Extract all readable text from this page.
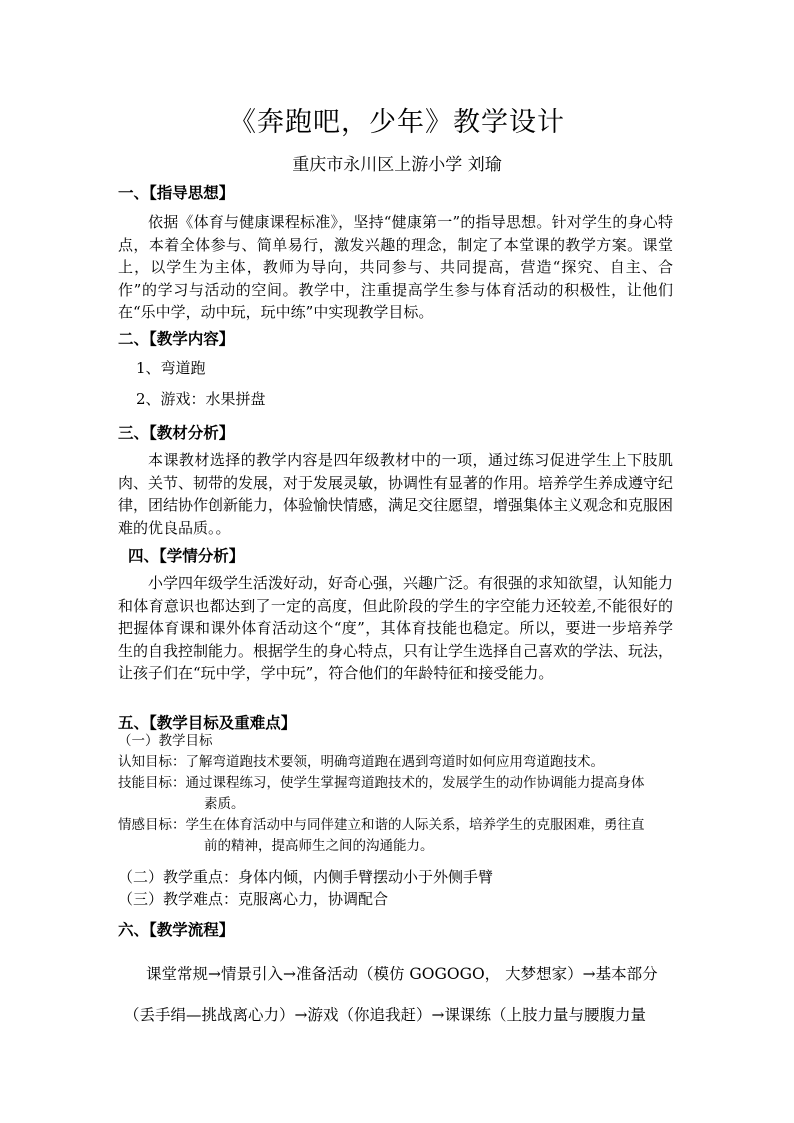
《奔跑吧，少年》教学设计
重庆市永川区上游小学 刘瑜
一、【指导思想】
依据《体育与健康课程标准》，坚持“健康第一”的指导思想。针对学生的身心特点，本着全体参与、简单易行，激发兴趣的理念，制定了本堂课的教学方案。课堂上，以学生为主体，教师为导向，共同参与、共同提高，营造“探究、自主、合作”的学习与活动的空间。教学中，注重提高学生参与体育活动的积极性，让他们在“乐中学，动中玩，玩中练”中实现教学目标。
二、【教学内容】
1、弯道跑
2、游戏：水果拼盘
三、【教材分析】
本课教材选择的教学内容是四年级教材中的一项，通过练习促进学生上下肢肌肉、关节、韧带的发展，对于发展灵敏，协调性有显著的作用。培养学生养成遵守纪律，团结协作创新能力，体验愉快情感，满足交往愿望，增强集体主义观念和克服困难的优良品质。。
四、【学情分析】
小学四年级学生活泼好动，好奇心强，兴趣广泛。有很强的求知欲望，认知能力和体育意识也都达到了一定的高度，但此阶段的学生的字空能力还较差,不能很好的把握体育课和课外体育活动这个“度”，其体育技能也稳定。所以，要进一步培养学生的自我控制能力。根据学生的身心特点，只有让学生选择自己喜欢的学法、玩法，让孩子们在“玩中学，学中玩”，符合他们的年龄特征和接受能力。
五、【教学目标及重难点】
（一）教学目标
认知目标：了解弯道跑技术要领，明确弯道跑在遇到弯道时如何应用弯道跑技术。
技能目标：通过课程练习，使学生掌握弯道跑技术的，发展学生的动作协调能力提高身体
素质。
情感目标：学生在体育活动中与同伴建立和谐的人际关系，培养学生的克服困难，勇往直
前的精神，提高师生之间的沟通能力。
（二）教学重点：身体内倾，内侧手臂摆动小于外侧手臂
（三）教学难点：克服离心力，协调配合
六、【教学流程】
课堂常规→情景引入→准备活动（模仿 GOGOGO， 大梦想家）→基本部分
（丢手绢—挑战离心力）→游戏（你追我赶）→课课练（上肢力量与腰腹力量
